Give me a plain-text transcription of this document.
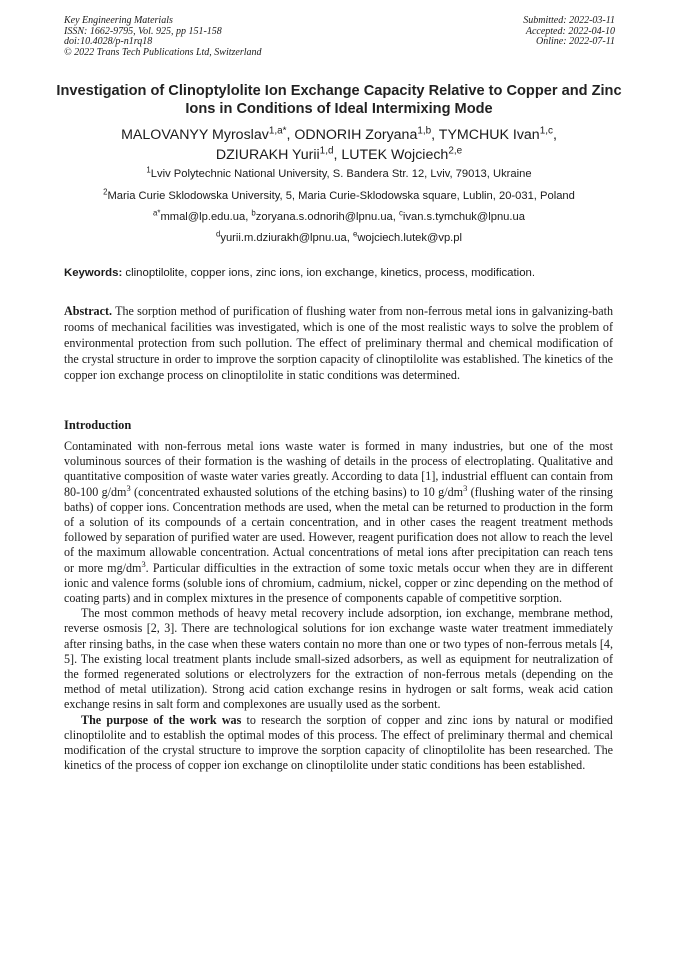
Key Engineering Materials
ISSN: 1662-9795, Vol. 925, pp 151-158
doi:10.4028/p-n1rq18
© 2022 Trans Tech Publications Ltd, Switzerland
Submitted: 2022-03-11
Accepted: 2022-04-10
Online: 2022-07-11
Investigation of Clinoptylolite Ion Exchange Capacity Relative to Copper and Zinc Ions in Conditions of Ideal Intermixing Mode
MALOVANYY Myroslav$^{1,a*}$, ODNORIH Zoryana$^{1,b}$, TYMCHUK Ivan$^{1,c}$,
DZIURAKH Yurii$^{1,d}$, LUTEK Wojciech$^{2,e}$
$^1$Lviv Polytechnic National University, S. Bandera Str. 12, Lviv, 79013, Ukraine
$^2$Maria Curie Sklodowska University, 5, Maria Curie-Sklodowska square, Lublin, 20-031, Poland
$^{a*}$mmal@lp.edu.ua, $^b$zoryana.s.odnorih@lpnu.ua, $^c$ivan.s.tymchuk@lpnu.ua
$^d$yurii.m.dziurakh@lpnu.ua, $^e$wojciech.lutek@vp.pl
Keywords: clinoptilolite, copper ions, zinc ions, ion exchange, kinetics, process, modification.
Abstract. The sorption method of purification of flushing water from non-ferrous metal ions in galvanizing-bath rooms of mechanical facilities was investigated, which is one of the most realistic ways to solve the problem of environmental protection from such pollution. The effect of preliminary thermal and chemical modification of the crystal structure in order to improve the sorption capacity of clinoptilolite was established. The kinetics of the copper ion exchange process on clinoptilolite in static conditions was determined.
Introduction

Contaminated with non-ferrous metal ions waste water is formed in many industries, but one of the most voluminous sources of their formation is the washing of details in the process of electroplating. Qualitative and quantitative composition of waste water varies greatly. According to data [1], industrial effluent can contain from 80-100 $g/dm^3$ (concentrated exhausted solutions of the etching basins) to 10 $g/dm^3$ (flushing water of the rinsing baths) of copper ions. Concentration methods are used, when the metal can be returned to production in the form of a solution of its compounds of a certain concentration, and in other cases the reagent treatment methods followed by separation of purified water are used. However, reagent purification does not allow to reach the level of the maximum allowable concentration. Actual concentrations of metal ions after precipitation can reach tens or more $mg/dm^3$. Particular difficulties in the extraction of some toxic metals occur when they are in different ionic and valence forms (soluble ions of chromium, cadmium, nickel, copper or zinc depending on the method of coating parts) and in complex mixtures in the presence of components capable of competitive sorption.

The most common methods of heavy metal recovery include adsorption, ion exchange, membrane method, reverse osmosis [2, 3]. There are technological solutions for ion exchange waste water treatment immediately after rinsing baths, in the case when these waters contain no more than one or two types of non-ferrous metals [4, 5]. The existing local treatment plants include small-sized adsorbers, as well as equipment for neutralization of the formed regenerated solutions or electrolyzers for the extraction of non-ferrous metals (depending on the method of metal utilization). Strong acid cation exchange resins in hydrogen or salt forms, weak acid cation exchange resins in salt form and complexones are usually used as the sorbent.

The purpose of the work was to research the sorption of copper and zinc ions by natural or modified clinoptilolite and to establish the optimal modes of this process. The effect of preliminary thermal and chemical modification of the crystal structure to improve the sorption capacity of clinoptilolite has been researched. The kinetics of the process of copper ion exchange on clinoptilolite under static conditions has been established.
